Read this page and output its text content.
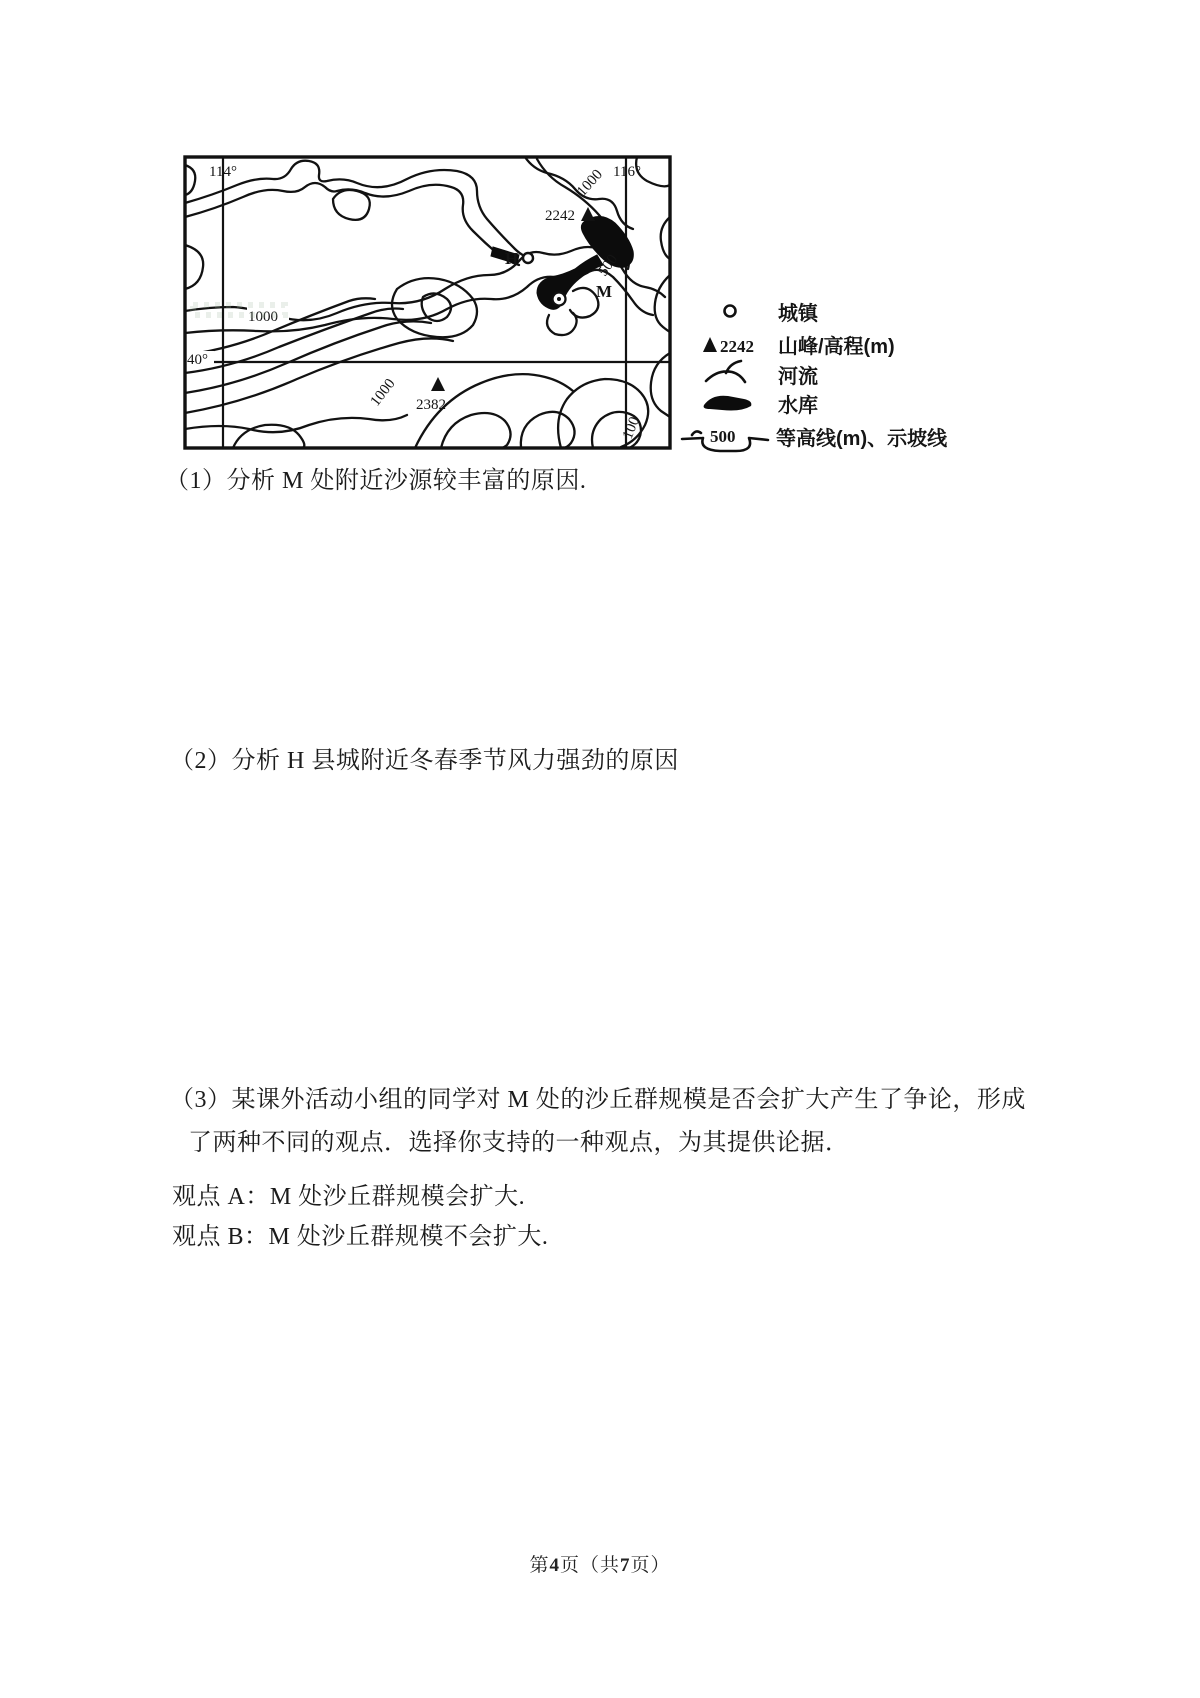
H
M
2242
2382
1000
1000
1000
500
100
114°	116°
40°
城镇
2242 山峰/高程(m)
河流
水库
500 等高线(m)、示坡线
（1）分析 M 处附近沙源较丰富的原因.
（2）分析 H 县城附近冬春季节风力强劲的原因
（3）某课外活动小组的同学对 M 处的沙丘群规模是否会扩大产生了争论，形成
了两种不同的观点．选择你支持的一种观点，为其提供论据．
观点 A：M 处沙丘群规模会扩大.
观点 B：M 处沙丘群规模不会扩大.
第4页（共7页）
